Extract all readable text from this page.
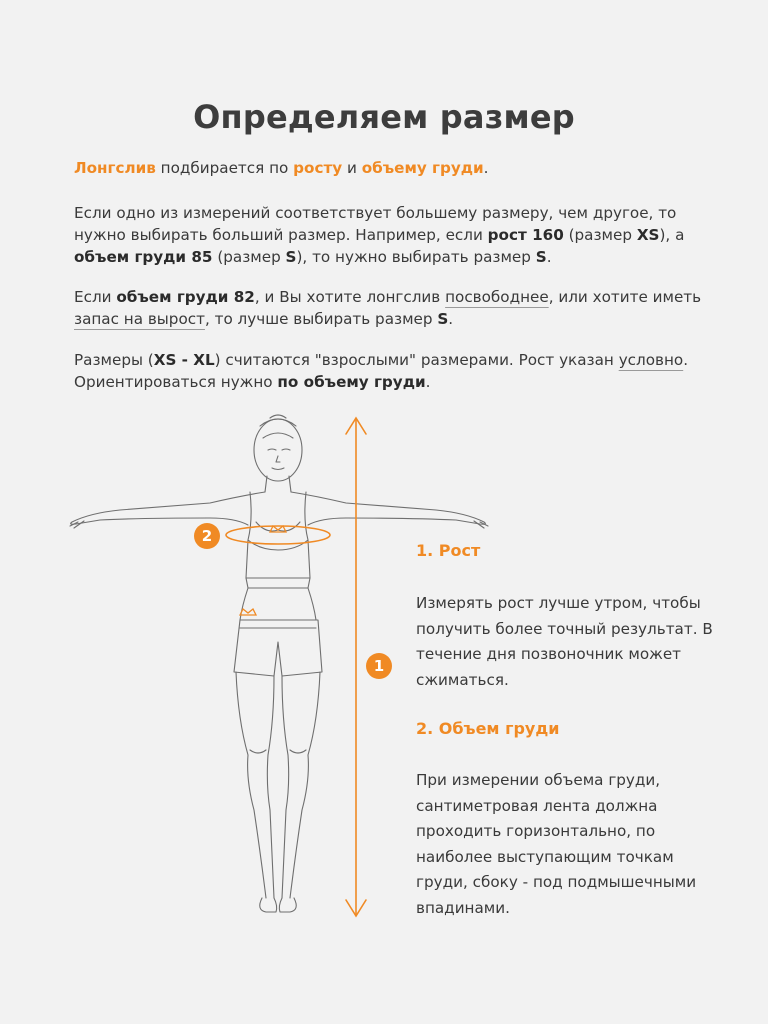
Определяем размер
Лонгслив подбирается по росту и объему груди.
Если одно из измерений соответствует большему размеру, чем другое, то нужно выбирать больший размер. Например, если рост 160 (размер XS), а объем груди 85 (размер S), то нужно выбирать размер S.
Если объем груди 82, и Вы хотите лонгслив посвободнее, или хотите иметь запас на вырост, то лучше выбирать размер S.
Размеры (XS - XL) считаются "взрослыми" размерами. Рост указан условно. Ориентироваться нужно по объему груди.
1
2
1. Рост
Измерять рост лучше утром, чтобы получить более точный результат. В течение дня позвоночник может сжиматься.
2. Объем груди
При измерении объема груди, сантиметровая лента должна проходить горизонтально, по наиболее выступающим точкам груди, сбоку - под подмышечными впадинами.
